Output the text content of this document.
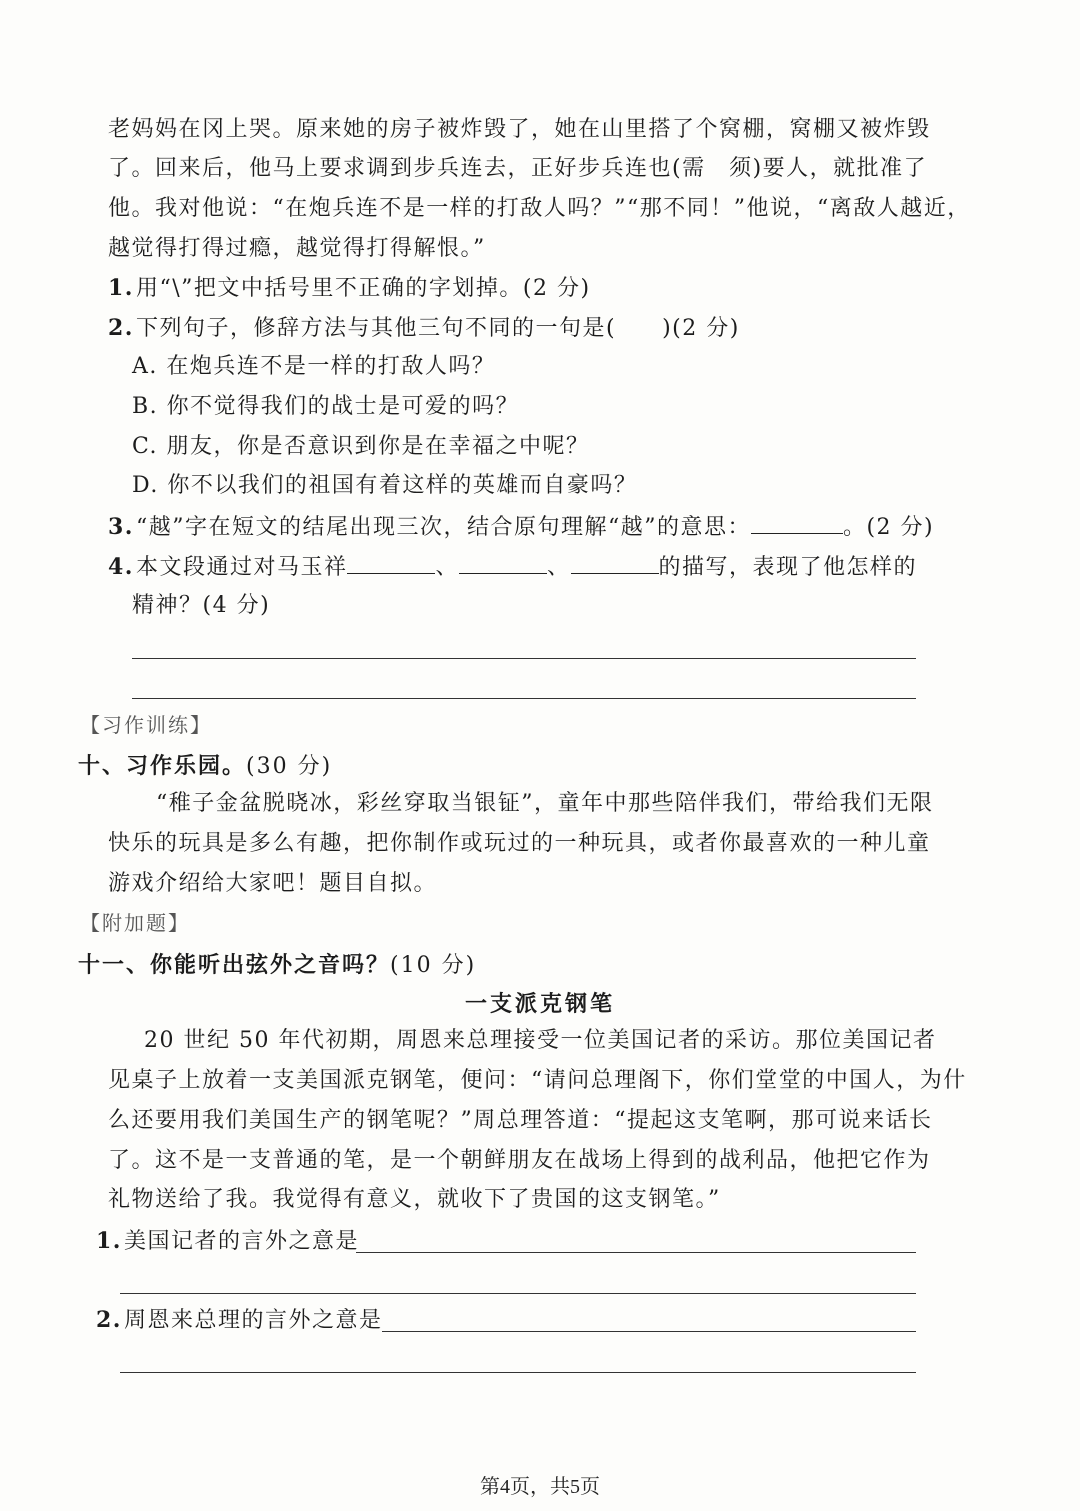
老妈妈在冈上哭。原来她的房子被炸毁了，她在山里搭了个窝棚，窝棚又被炸毁
了。回来后，他马上要求调到步兵连去，正好步兵连也(需　须)要人，就批准了
他。我对他说：“在炮兵连不是一样的打敌人吗？”“那不同！”他说，“离敌人越近，
越觉得打得过瘾，越觉得打得解恨。”
1.用“\”把文中括号里不正确的字划掉。(2 分)
2.下列句子，修辞方法与其他三句不同的一句是( )(2 分)
A. 在炮兵连不是一样的打敌人吗？
B. 你不觉得我们的战士是可爱的吗？
C. 朋友，你是否意识到你是在幸福之中呢？
D. 你不以我们的祖国有着这样的英雄而自豪吗？
3.“越”字在短文的结尾出现三次，结合原句理解“越”的意思：	。(2 分)
4.本文段通过对马玉祥	、	、	的描写，表现了他怎样的
精神？(4 分)
【习作训练】
十、习作乐园。(30 分)
“稚子金盆脱晓冰，彩丝穿取当银钲”，童年中那些陪伴我们，带给我们无限
快乐的玩具是多么有趣，把你制作或玩过的一种玩具，或者你最喜欢的一种儿童
游戏介绍给大家吧！题目自拟。
【附加题】
十一、你能听出弦外之音吗？(10 分)
一支派克钢笔
20 世纪 50 年代初期，周恩来总理接受一位美国记者的采访。那位美国记者
见桌子上放着一支美国派克钢笔，便问：“请问总理阁下，你们堂堂的中国人，为什
么还要用我们美国生产的钢笔呢？”周总理答道：“提起这支笔啊，那可说来话长
了。这不是一支普通的笔，是一个朝鲜朋友在战场上得到的战利品，他把它作为
礼物送给了我。我觉得有意义，就收下了贵国的这支钢笔。”
1.美国记者的言外之意是
2.周恩来总理的言外之意是
第4页，共5页
